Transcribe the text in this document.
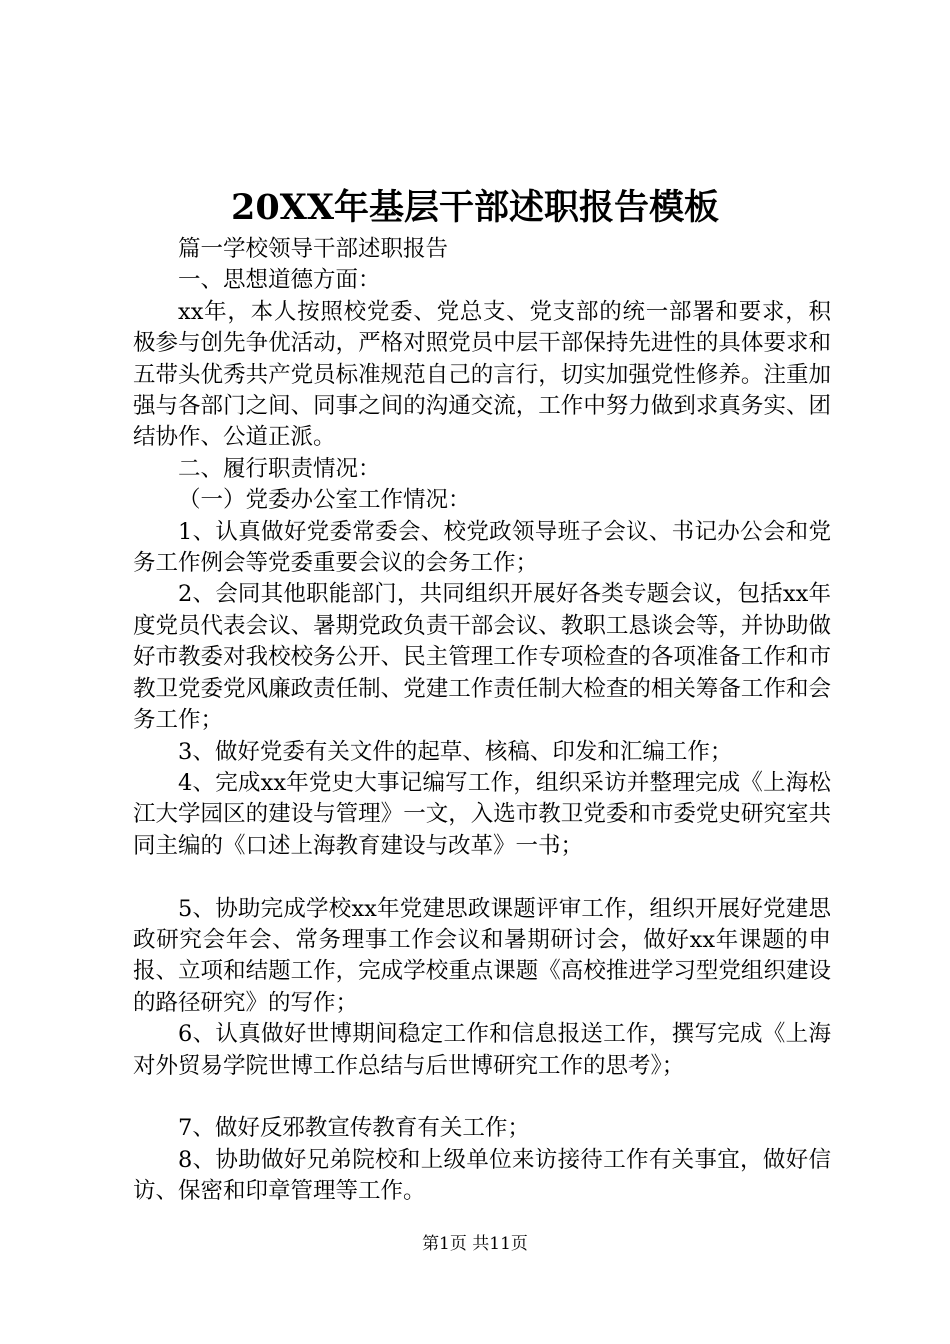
20XX年基层干部述职报告模板

篇一学校领导干部述职报告

一、思想道德方面：

xx年，本人按照校党委、党总支、党支部的统一部署和要求，积极参与创先争优活动，严格对照党员中层干部保持先进性的具体要求和五带头优秀共产党员标准规范自己的言行，切实加强党性修养。注重加强与各部门之间、同事之间的沟通交流，工作中努力做到求真务实、团结协作、公道正派。

二、履行职责情况：

（一）党委办公室工作情况：

1、认真做好党委常委会、校党政领导班子会议、书记办公会和党务工作例会等党委重要会议的会务工作；

2、会同其他职能部门，共同组织开展好各类专题会议，包括xx年度党员代表会议、暑期党政负责干部会议、教职工恳谈会等，并协助做好市教委对我校校务公开、民主管理工作专项检查的各项准备工作和市教卫党委党风廉政责任制、党建工作责任制大检查的相关筹备工作和会务工作；

3、做好党委有关文件的起草、核稿、印发和汇编工作；

4、完成xx年党史大事记编写工作，组织采访并整理完成《上海松江大学园区的建设与管理》一文，入选市教卫党委和市委党史研究室共同主编的《口述上海教育建设与改革》一书；

5、协助完成学校xx年党建思政课题评审工作，组织开展好党建思政研究会年会、常务理事工作会议和暑期研讨会，做好xx年课题的申报、立项和结题工作，完成学校重点课题《高校推进学习型党组织建设的路径研究》的写作；

6、认真做好世博期间稳定工作和信息报送工作，撰写完成《上海对外贸易学院世博工作总结与后世博研究工作的思考》；

7、做好反邪教宣传教育有关工作；

8、协助做好兄弟院校和上级单位来访接待工作有关事宜，做好信访、保密和印章管理等工作。

第1页 共11页
